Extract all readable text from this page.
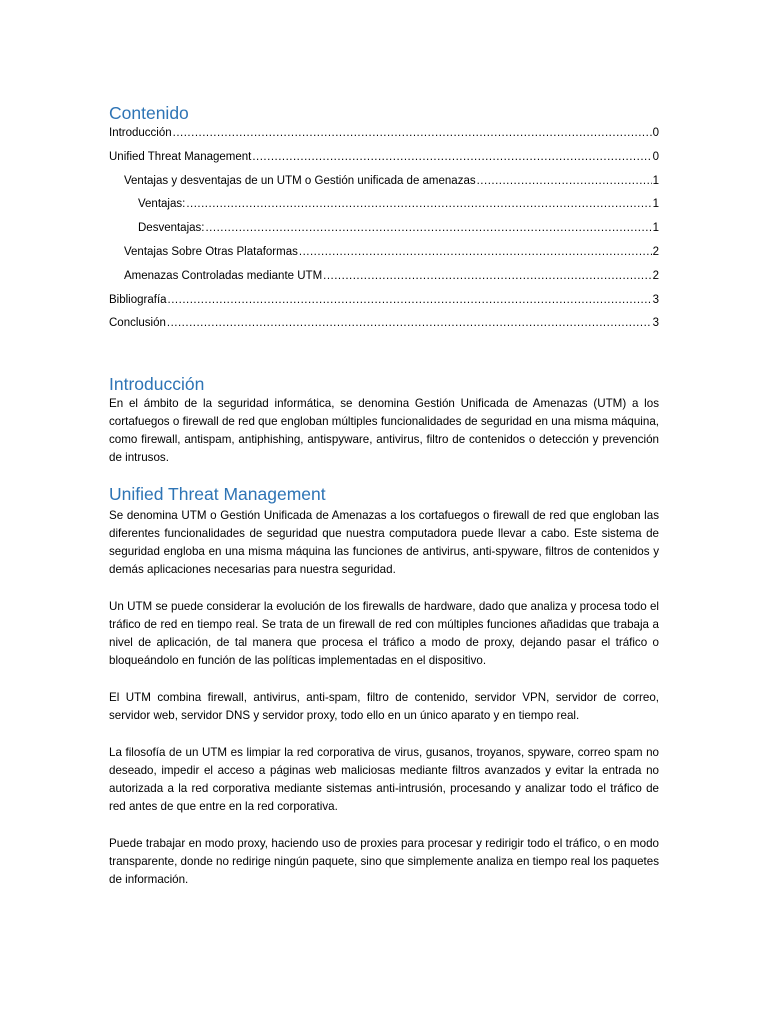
Contenido
Introducción .....	0
Unified Threat Management .....	0
Ventajas y desventajas de un UTM o Gestión unificada de amenazas .....	1
Ventajas: .....	1
Desventajas: .....	1
Ventajas Sobre Otras Plataformas .....	2
Amenazas Controladas mediante UTM .....	2
Bibliografía .....	3
Conclusión .....	3
Introducción

En el ámbito de la seguridad informática, se denomina Gestión Unificada de Amenazas (UTM) a los cortafuegos o firewall de red que engloban múltiples funcionalidades de seguridad en una misma máquina, como firewall, antispam, antiphishing, antispyware, antivirus, filtro de contenidos o detección y prevención de intrusos.

Unified Threat Management

Se denomina UTM o Gestión Unificada de Amenazas a los cortafuegos o firewall de red que engloban las diferentes funcionalidades de seguridad que nuestra computadora puede llevar a cabo. Este sistema de seguridad engloba en una misma máquina las funciones de antivirus, anti-spyware, filtros de contenidos y demás aplicaciones necesarias para nuestra seguridad.

Un UTM se puede considerar la evolución de los firewalls de hardware, dado que analiza y procesa todo el tráfico de red en tiempo real. Se trata de un firewall de red con múltiples funciones añadidas que trabaja a nivel de aplicación, de tal manera que procesa el tráfico a modo de proxy, dejando pasar el tráfico o bloqueándolo en función de las políticas implementadas en el dispositivo.

El UTM combina firewall, antivirus, anti-spam, filtro de contenido, servidor VPN, servidor de correo, servidor web, servidor DNS y servidor proxy, todo ello en un único aparato y en tiempo real.

La filosofía de un UTM es limpiar la red corporativa de virus, gusanos, troyanos, spyware, correo spam no deseado, impedir el acceso a páginas web maliciosas mediante filtros avanzados y evitar la entrada no autorizada a la red corporativa mediante sistemas anti-intrusión, procesando y analizar todo el tráfico de red antes de que entre en la red corporativa.

Puede trabajar en modo proxy, haciendo uso de proxies para procesar y redirigir todo el tráfico, o en modo transparente, donde no redirige ningún paquete, sino que simplemente analiza en tiempo real los paquetes de información.
